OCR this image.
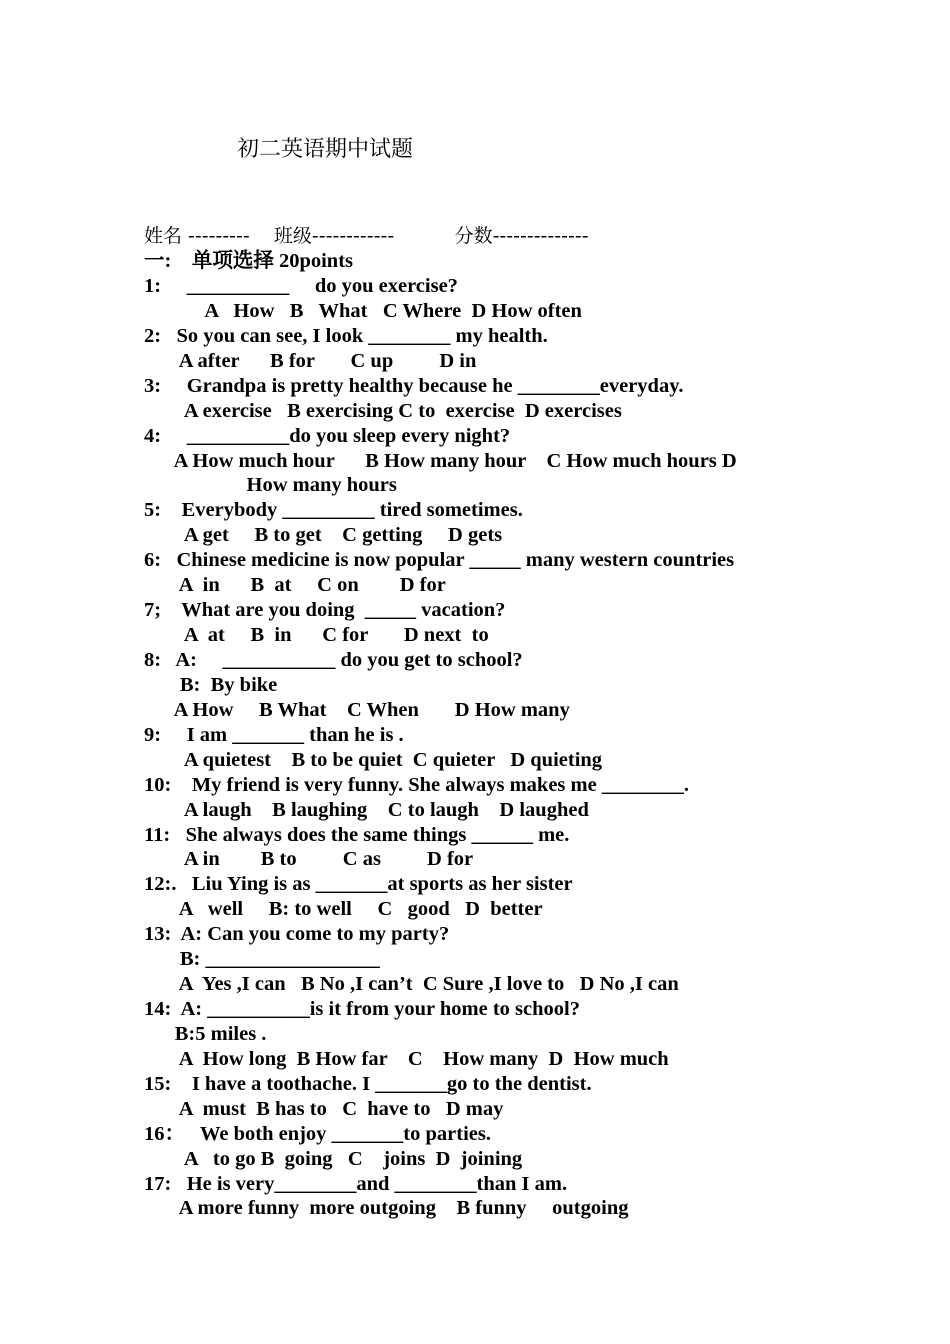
初二英语期中试题
姓名 ---------    班级------------          分数--------------
一:    单项选择 20points
1:     __________     do you exercise?
A   How   B   What   C Where  D How often
2:   So you can see, I look ________ my health.
A after      B for       C up         D in
3:     Grandpa is pretty healthy because he ________everyday.
A exercise   B exercising C to  exercise  D exercises
4:     __________do you sleep every night?
A How much hour      B How many hour    C How much hours D
How many hours
5:    Everybody _________ tired sometimes.
A get     B to get    C getting     D gets
6:   Chinese medicine is now popular _____ many western countries
A  in      B  at     C on        D for
7;    What are you doing  _____ vacation?
A  at     B  in      C for       D next  to
8:   A:     ___________ do you get to school?
B:  By bike
A How     B What    C When       D How many
9:     I am _______ than he is .
A quietest    B to be quiet  C quieter   D quieting
10:    My friend is very funny. She always makes me ________.
A laugh    B laughing    C to laugh    D laughed
11:   She always does the same things ______ me.
A in        B to         C as         D for
12:.   Liu Ying is as _______at sports as her sister
A   well     B: to well     C   good   D  better
13:  A: Can you come to my party?
B: _________________
A  Yes ,I can   B No ,I can’t  C Sure ,I love to   D No ,I can
14:  A: __________is it from your home to school?
B:5 miles .
A  How long  B How far    C    How many  D  How much
15:    I have a toothache. I _______go to the dentist.
A  must  B has to   C  have to   D may
16：   We both enjoy _______to parties.
A   to go B  going   C    joins  D  joining
17:   He is very________and ________than I am.
A more funny  more outgoing    B funny     outgoing
